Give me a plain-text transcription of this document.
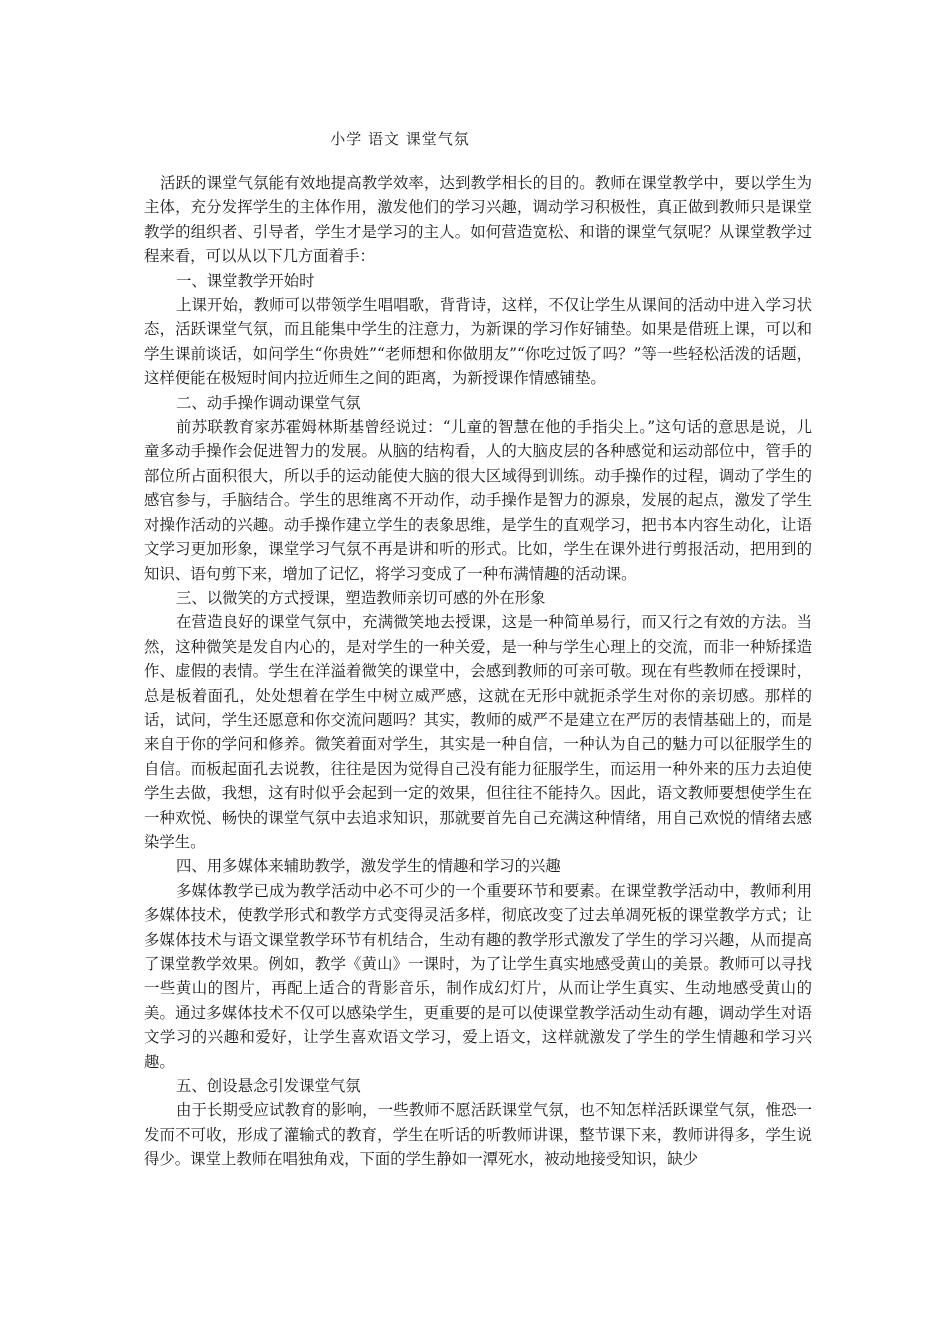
小学 语文 课堂气氛

活跃的课堂气氛能有效地提高教学效率，达到教学相长的目的。教师在课堂教学中，要以学生为主体，充分发挥学生的主体作用，激发他们的学习兴趣，调动学习积极性，真正做到教师只是课堂教学的组织者、引导者，学生才是学习的主人。如何营造宽松、和谐的课堂气氛呢？从课堂教学过程来看，可以从以下几方面着手：

一、课堂教学开始时

上课开始，教师可以带领学生唱唱歌，背背诗，这样，不仅让学生从课间的活动中进入学习状态，活跃课堂气氛，而且能集中学生的注意力，为新课的学习作好铺垫。如果是借班上课，可以和学生课前谈话，如问学生“你贵姓”“老师想和你做朋友”“你吃过饭了吗？”等一些轻松活泼的话题，这样便能在极短时间内拉近师生之间的距离，为新授课作情感铺垫。

二、动手操作调动课堂气氛

前苏联教育家苏霍姆林斯基曾经说过：“儿童的智慧在他的手指尖上。”这句话的意思是说，儿童多动手操作会促进智力的发展。从脑的结构看，人的大脑皮层的各种感觉和运动部位中，管手的部位所占面积很大，所以手的运动能使大脑的很大区域得到训练。动手操作的过程，调动了学生的感官参与，手脑结合。学生的思维离不开动作，动手操作是智力的源泉，发展的起点，激发了学生对操作活动的兴趣。动手操作建立学生的表象思维，是学生的直观学习，把书本内容生动化，让语文学习更加形象，课堂学习气氛不再是讲和听的形式。比如，学生在课外进行剪报活动，把用到的知识、语句剪下来，增加了记忆，将学习变成了一种布满情趣的活动课。

三、以微笑的方式授课，塑造教师亲切可感的外在形象

在营造良好的课堂气氛中，充满微笑地去授课，这是一种简单易行，而又行之有效的方法。当然，这种微笑是发自内心的，是对学生的一种关爱，是一种与学生心理上的交流，而非一种矫揉造作、虚假的表情。学生在洋溢着微笑的课堂中，会感到教师的可亲可敬。现在有些教师在授课时，总是板着面孔，处处想着在学生中树立威严感，这就在无形中就扼杀学生对你的亲切感。那样的话，试问，学生还愿意和你交流问题吗？其实，教师的威严不是建立在严厉的表情基础上的，而是来自于你的学问和修养。微笑着面对学生，其实是一种自信，一种认为自己的魅力可以征服学生的自信。而板起面孔去说教，往往是因为觉得自己没有能力征服学生，而运用一种外来的压力去迫使学生去做，我想，这有时似乎会起到一定的效果，但往往不能持久。因此，语文教师要想使学生在一种欢悦、畅快的课堂气氛中去追求知识，那就要首先自己充满这种情绪，用自己欢悦的情绪去感染学生。

四、用多媒体来辅助教学，激发学生的情趣和学习的兴趣

多媒体教学已成为教学活动中必不可少的一个重要环节和要素。在课堂教学活动中，教师利用多媒体技术，使教学形式和教学方式变得灵活多样，彻底改变了过去单凋死板的课堂教学方式；让多媒体技术与语文课堂教学环节有机结合，生动有趣的教学形式激发了学生的学习兴趣，从而提高了课堂教学效果。例如，教学《黄山》一课时，为了让学生真实地感受黄山的美景。教师可以寻找一些黄山的图片，再配上适合的背影音乐，制作成幻灯片，从而让学生真实、生动地感受黄山的美。通过多媒体技术不仅可以感染学生，更重要的是可以使课堂教学活动生动有趣，调动学生对语文学习的兴趣和爱好，让学生喜欢语文学习，爱上语文，这样就激发了学生的学生情趣和学习兴趣。

五、创设悬念引发课堂气氛

由于长期受应试教育的影响，一些教师不愿活跃课堂气氛，也不知怎样活跃课堂气氛，惟恐一发而不可收，形成了灌输式的教育，学生在听话的听教师讲课，整节课下来，教师讲得多，学生说得少。课堂上教师在唱独角戏，下面的学生静如一潭死水，被动地接受知识，缺少
